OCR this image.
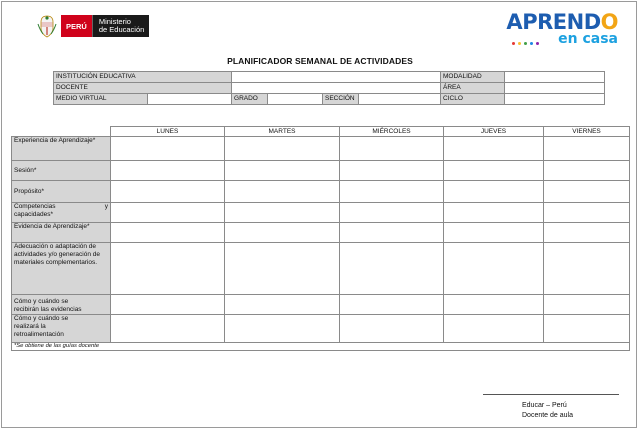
PERÚ
Ministerio
de Educación	APRENDO
en casa
PLANIFICADOR SEMANAL DE ACTIVIDADES
INSTITUCIÓN EDUCATIVA						MODALIDAD	
DOCENTE						ÁREA	
MEDIO VIRTUAL		GRADO		SECCIÓN		CICLO	
	LUNES	MARTES	MIÉRCOLES	JUEVES	VIERNES
Experiencia de Aprendizaje*					
Sesión*					
Propósito*					

Competencias y
capacidades*					

Evidencia de Aprendizaje*					
Adecuación o adaptación de actividades y/o generación de materiales complementarios.					

Cómo y cuándo se
recibirán las evidencias					

Cómo y cuándo se
realizará la
retroalimentación					

*Se obtiene de las guías docente					
Educar – Perú
Docente de aula
